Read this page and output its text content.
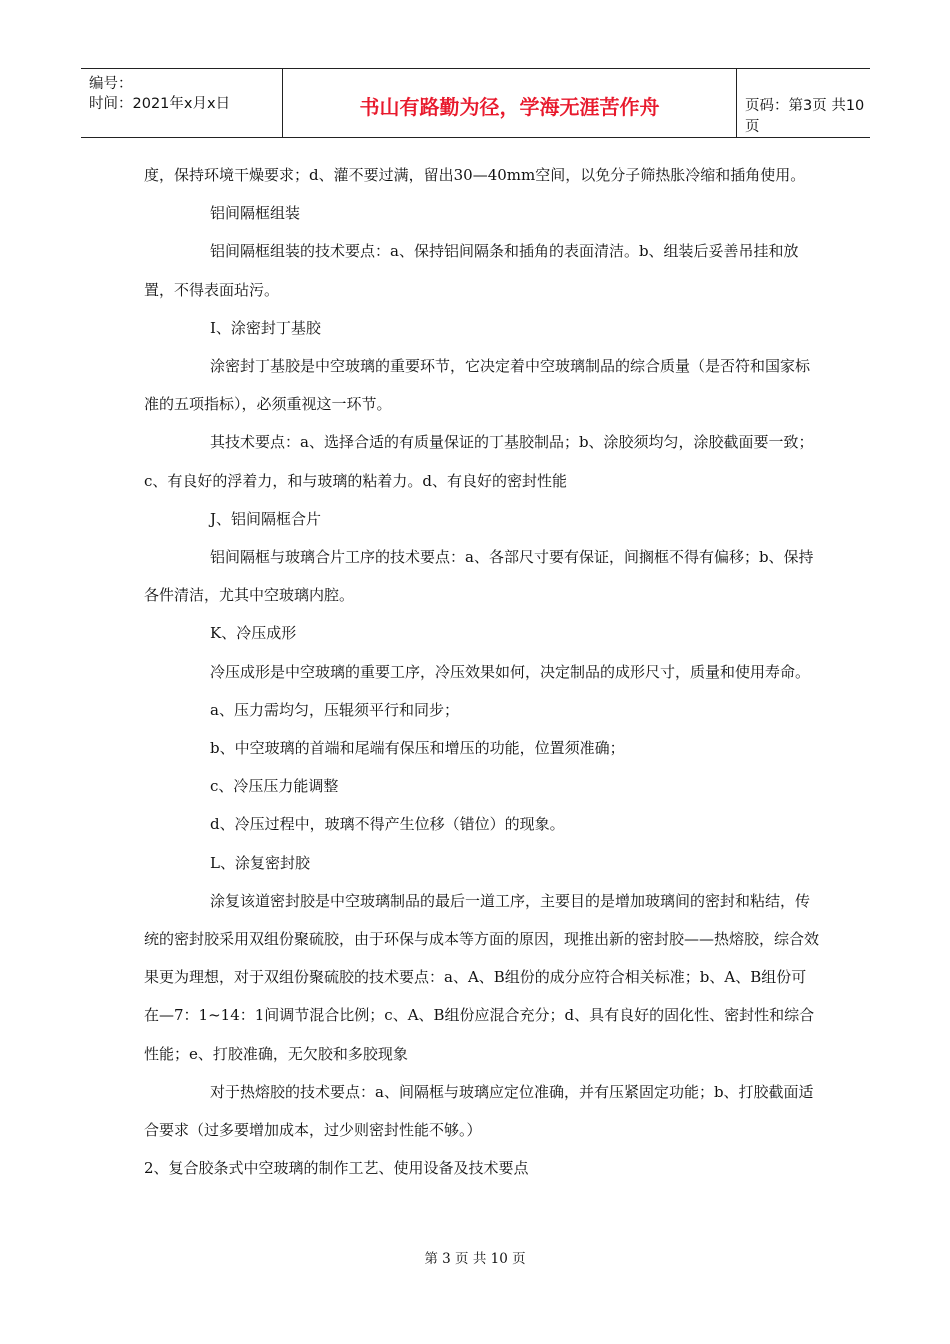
编号：
时间：2021年x月x日	书山有路勤为径，学海无涯苦作舟	页码：第3页 共10页

度，保持环境干燥要求；d、灌不要过满，留出30—40mm空间，以免分子筛热胀冷缩和插角使用。

铝间隔框组装

铝间隔框组装的技术要点：a、保持铝间隔条和插角的表面清洁。b、组装后妥善吊挂和放置，不得表面玷污。

I、涂密封丁基胶

涂密封丁基胶是中空玻璃的重要环节，它决定着中空玻璃制品的综合质量（是否符和国家标准的五项指标），必须重视这一环节。

其技术要点：a、选择合适的有质量保证的丁基胶制品；b、涂胶须均匀，涂胶截面要一致；c、有良好的浮着力，和与玻璃的粘着力。d、有良好的密封性能

J、铝间隔框合片

铝间隔框与玻璃合片工序的技术要点：a、各部尺寸要有保证，间搁框不得有偏移；b、保持各件清洁，尤其中空玻璃内腔。

K、冷压成形

冷压成形是中空玻璃的重要工序，冷压效果如何，决定制品的成形尺寸，质量和使用寿命。

a、压力需均匀，压辊须平行和同步；

b、中空玻璃的首端和尾端有保压和增压的功能，位置须准确；

c、冷压压力能调整

d、冷压过程中，玻璃不得产生位移（错位）的现象。

L、涂复密封胶

涂复该道密封胶是中空玻璃制品的最后一道工序，主要目的是增加玻璃间的密封和粘结，传统的密封胶采用双组份聚硫胶，由于环保与成本等方面的原因，现推出新的密封胶——热熔胶，综合效果更为理想，对于双组份聚硫胶的技术要点：a、A、B组份的成分应符合相关标准；b、A、B组份可在—7：1~14：1间调节混合比例；c、A、B组份应混合充分；d、具有良好的固化性、密封性和综合性能；e、打胶准确，无欠胶和多胶现象

对于热熔胶的技术要点：a、间隔框与玻璃应定位准确，并有压紧固定功能；b、打胶截面适合要求（过多要增加成本，过少则密封性能不够。）

2、复合胶条式中空玻璃的制作工艺、使用设备及技术要点

第 3 页 共 10 页
